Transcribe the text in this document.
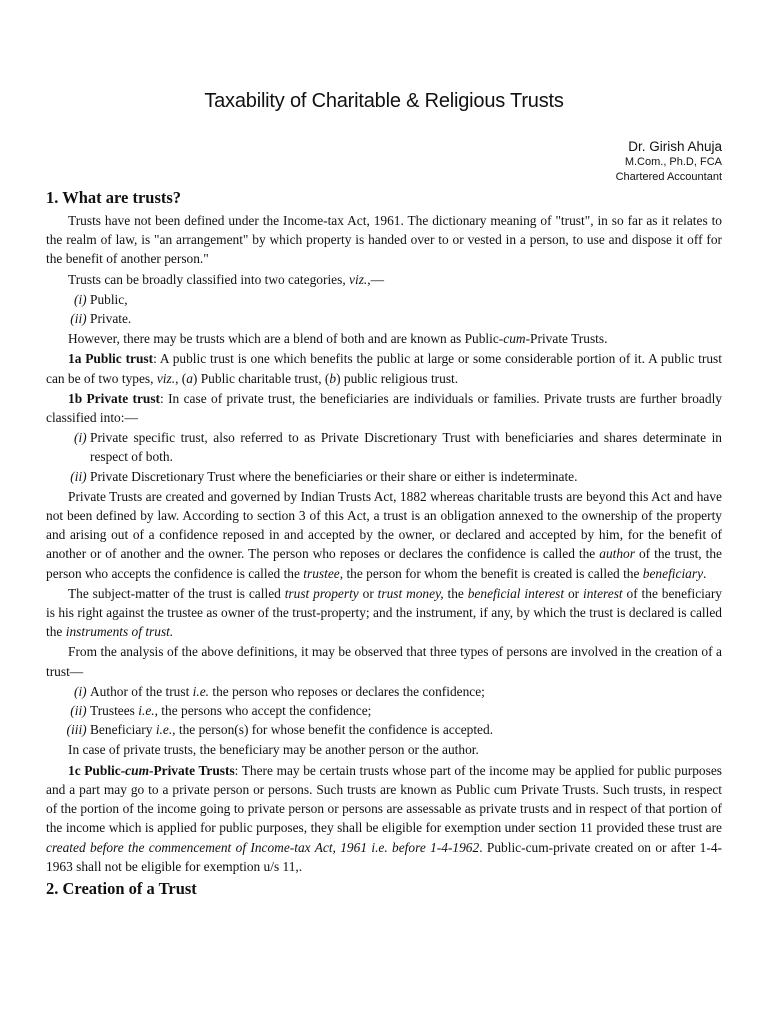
Taxability of Charitable & Religious Trusts
Dr. Girish Ahuja
M.Com., Ph.D, FCA
Chartered Accountant
1. What are trusts?

Trusts have not been defined under the Income-tax Act, 1961. The dictionary meaning of "trust", in so far as it relates to the realm of law, is "an arrangement" by which property is handed over to or vested in a person, to use and dispose it off for the benefit of another person."

Trusts can be broadly classified into two categories, viz.,—

(i) Public,
(ii) Private.

However, there may be trusts which are a blend of both and are known as Public-cum-Private Trusts.

1a Public trust: A public trust is one which benefits the public at large or some considerable portion of it. A public trust can be of two types, viz., (a) Public charitable trust, (b) public religious trust.

1b Private trust: In case of private trust, the beneficiaries are individuals or families. Private trusts are further broadly classified into:—

(i) Private specific trust, also referred to as Private Discretionary Trust with beneficiaries and shares determinate in respect of both.
(ii) Private Discretionary Trust where the beneficiaries or their share or either is indeterminate.

Private Trusts are created and governed by Indian Trusts Act, 1882 whereas charitable trusts are beyond this Act and have not been defined by law. According to section 3 of this Act, a trust is an obligation annexed to the ownership of the property and arising out of a confidence reposed in and accepted by the owner, or declared and accepted by him, for the benefit of another or of another and the owner. The person who reposes or declares the confidence is called the author of the trust, the person who accepts the confidence is called the trustee, the person for whom the benefit is created is called the beneficiary.

The subject-matter of the trust is called trust property or trust money, the beneficial interest or interest of the beneficiary is his right against the trustee as owner of the trust-property; and the instrument, if any, by which the trust is declared is called the instruments of trust.

From the analysis of the above definitions, it may be observed that three types of persons are involved in the creation of a trust—

(i) Author of the trust i.e. the person who reposes or declares the confidence;
(ii) Trustees i.e., the persons who accept the confidence;
(iii) Beneficiary i.e., the person(s) for whose benefit the confidence is accepted.

In case of private trusts, the beneficiary may be another person or the author.

1c Public-cum-Private Trusts: There may be certain trusts whose part of the income may be applied for public purposes and a part may go to a private person or persons. Such trusts are known as Public cum Private Trusts. Such trusts, in respect of the portion of the income going to private person or persons are assessable as private trusts and in respect of that portion of the income which is applied for public purposes, they shall be eligible for exemption under section 11 provided these trust are created before the commencement of Income-tax Act, 1961 i.e. before 1-4-1962. Public-cum-private created on or after 1-4-1963 shall not be eligible for exemption u/s 11,.

2. Creation of a Trust
